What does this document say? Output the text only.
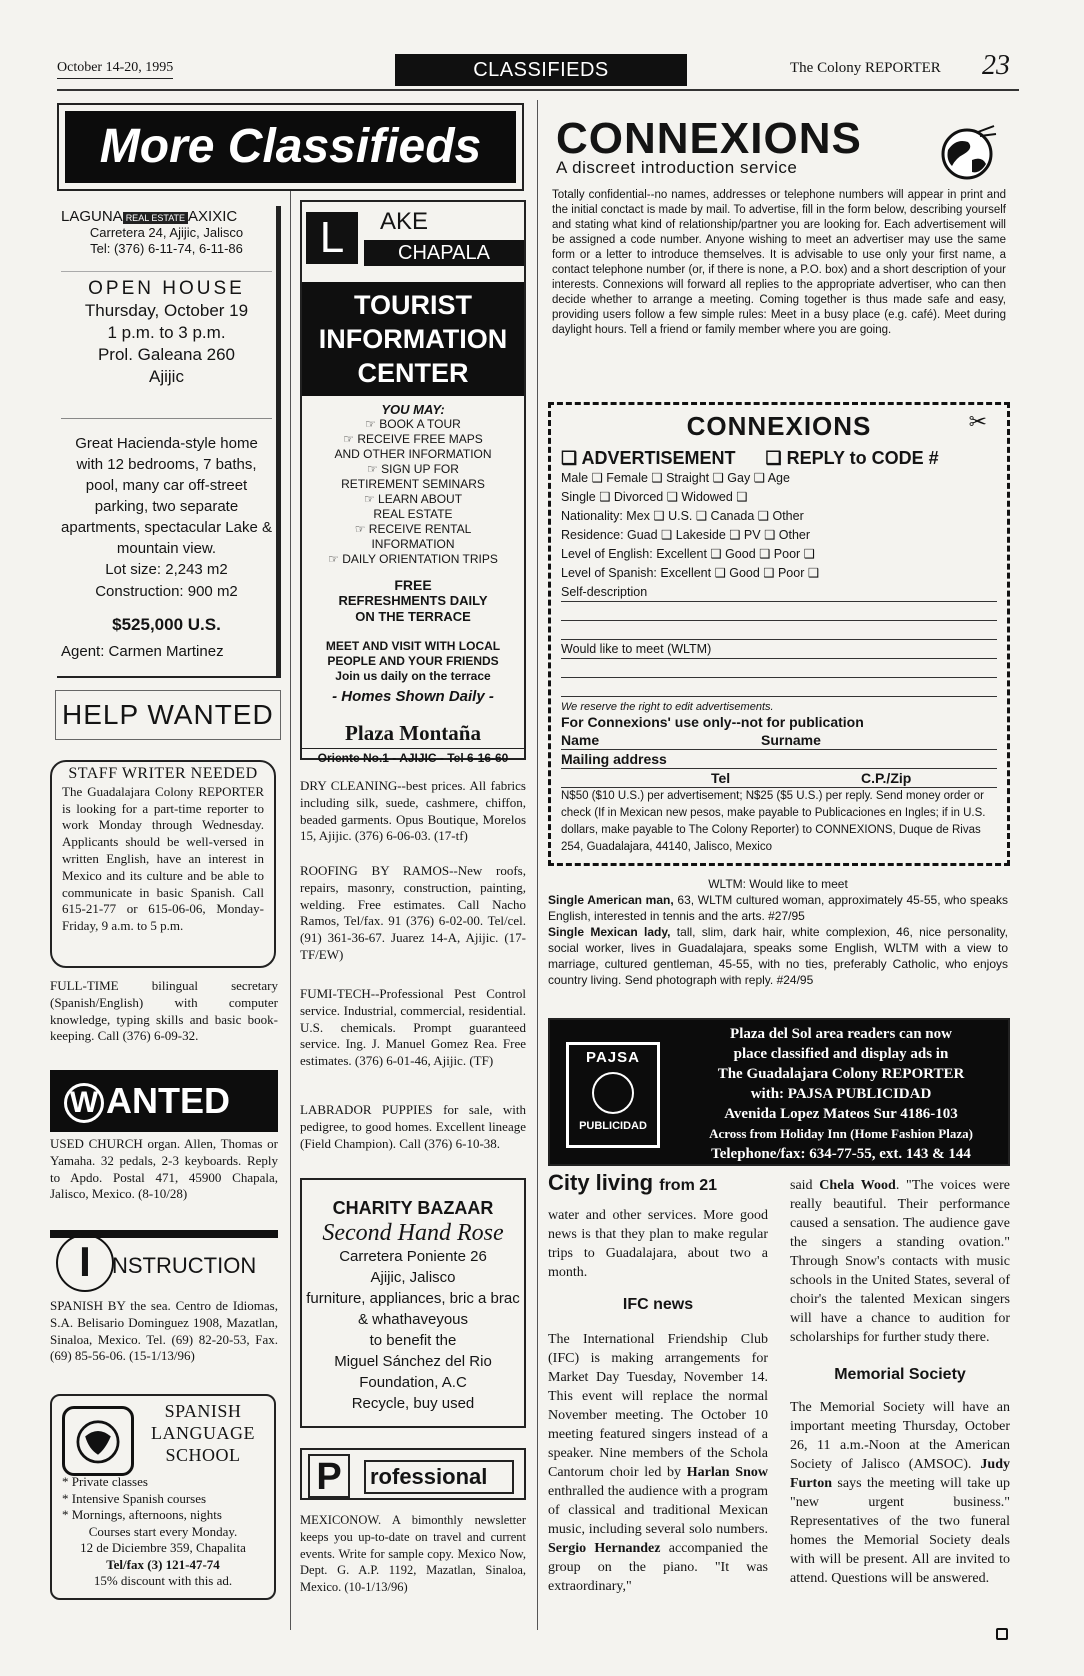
October 14-20, 1995	CLASSIFIEDS	The Colony REPORTER 23
More Classifieds
LAGUNA REAL ESTATE AXIXIC
Carretera 24, Ajijic, Jalisco
Tel: (376) 6-11-74, 6-11-86
OPEN HOUSE
Thursday, October 19
1 p.m. to 3 p.m.
Prol. Galeana 260
Ajijic
Great Hacienda-style home with 12 bedrooms, 7 baths, pool, many car off-street parking, two separate apartments, spectacular Lake & mountain view.
Lot size: 2,243 m2
Construction: 900 m2
$525,000 U.S.
Agent: Carmen Martinez
HELP WANTED
STAFF WRITER NEEDED
The Guadalajara Colony REPORTER is looking for a part-time reporter to work Monday through Wednesday. Applicants should be well-versed in written English, have an interest in Mexico and its culture and be able to communicate in basic Spanish. Call 615-21-77 or 615-06-06, Monday-Friday, 9 a.m. to 5 p.m.
FULL-TIME bilingual secretary (Spanish/English) with computer knowledge, typing skills and basic book-keeping. Call (376) 6-09-32.
W ANTED
USED CHURCH organ. Allen, Thomas or Yamaha. 32 pedals, 2-3 keyboards. Reply to Apdo. Postal 471, 45900 Chapala, Jalisco, Mexico. (8-10/28)
I NSTRUCTION
SPANISH BY the sea. Centro de Idiomas, S.A. Belisario Dominguez 1908, Mazatlan, Sinaloa, Mexico. Tel. (69) 82-20-53, Fax. (69) 85-56-06. (15-1/13/96)
SPANISH
LANGUAGE
SCHOOL
* Private classes
* Intensive Spanish courses
* Mornings, afternoons, nights
Courses start every Monday.
12 de Diciembre 359, Chapalita
Tel/fax (3) 121-47-74
15% discount with this ad.
L	AKE
CHAPALA
TOURIST
INFORMATION
CENTER
YOU MAY:
☞ BOOK A TOUR
☞ RECEIVE FREE MAPS
AND OTHER INFORMATION
☞ SIGN UP FOR
RETIREMENT SEMINARS
☞ LEARN ABOUT
REAL ESTATE
☞ RECEIVE RENTAL
INFORMATION
☞ DAILY ORIENTATION TRIPS
FREE
REFRESHMENTS DAILY
ON THE TERRACE
MEET AND VISIT WITH LOCAL
PEOPLE AND YOUR FRIENDS
Join us daily on the terrace
- Homes Shown Daily -
Plaza Montaña
Oriente No.1 - AJIJIC - Tel 6-16-60
DRY CLEANING--best prices. All fabrics including silk, suede, cashmere, chiffon, beaded garments. Opus Boutique, Morelos 15, Ajijic. (376) 6-06-03. (17-tf)
ROOFING BY RAMOS--New roofs, repairs, masonry, construction, painting, welding. Free estimates. Call Nacho Ramos, Tel/fax. 91 (376) 6-02-00. Tel/cel. (91) 361-36-67. Juarez 14-A, Ajijic. (17-TF/EW)
FUMI-TECH--Professional Pest Control service. Industrial, commercial, residential. U.S. chemicals. Prompt guaranteed service. Ing. J. Manuel Gomez Rea. Free estimates. (376) 6-01-46, Ajijic. (TF)
LABRADOR PUPPIES for sale, with pedigree, to good homes. Excellent lineage (Field Champion). Call (376) 6-10-38.
CHARITY BAZAAR
Second Hand Rose
Carretera Poniente 26
Ajijic, Jalisco
furniture, appliances, bric a brac & whathaveyous
to benefit the
Miguel Sánchez del Rio
Foundation, A.C
Recycle, buy used
P	rofessional
MEXICONOW. A bimonthly newsletter keeps you up-to-date on travel and current events. Write for sample copy. Mexico Now, Dept. G. A.P. 1192, Mazatlan, Sinaloa, Mexico. (10-1/13/96)
CONNEXIONS
A discreet introduction service
Totally confidential--no names, addresses or telephone numbers will appear in print and the initial conctact is made by mail. To advertise, fill in the form below, describing yourself and stating what kind of relationship/partner you are looking for. Each advertisement will be assigned a code number. Anyone wishing to meet an advertiser may use the same form or a letter to introduce themselves. It is advisable to use only your first name, a contact telephone number (or, if there is none, a P.O. box) and a short description of your interests. Connexions will forward all replies to the appropriate advertiser, who can then decide whether to arrange a meeting. Coming together is thus made safe and easy, providing users follow a few simple rules: Meet in a busy place (e.g. café). Meet during daylight hours. Tell a friend or family member where you are going.
✂
CONNEXIONS
❑ ADVERTISEMENT ❑ REPLY to CODE #
Male ❑ Female ❑ Straight ❑ Gay ❑ Age
Single ❑ Divorced ❑ Widowed ❑
Nationality: Mex ❑ U.S. ❑ Canada ❑ Other
Residence: Guad ❑ Lakeside ❑ PV ❑ Other
Level of English: Excellent ❑ Good ❑ Poor ❑
Level of Spanish: Excellent ❑ Good ❑ Poor ❑
Self-description
Would like to meet (WLTM)
We reserve the right to edit advertisements.
For Connexions' use only--not for publication
Name	Surname
Mailing address
Tel	C.P./Zip
N$50 ($10 U.S.) per advertisement; N$25 ($5 U.S.) per reply. Send money order or check (If in Mexican new pesos, make payable to Publicaciones en Ingles; if in U.S. dollars, make payable to The Colony Reporter) to CONNEXIONS, Duque de Rivas 254, Guadalajara, 44140, Jalisco, Mexico
WLTM: Would like to meet
Single American man, 63, WLTM cultured woman, approximately 45-55, who speaks English, interested in tennis and the arts. #27/95
Single Mexican lady, tall, slim, dark hair, white complexion, 46, nice personality, social worker, lives in Guadalajara, speaks some English, WLTM with a view to marriage, cultured gentleman, 45-55, with no ties, preferably Catholic, who enjoys country living. Send photograph with reply. #24/95
PAJSA
PUBLICIDAD
Plaza del Sol area readers can now
place classified and display ads in
The Guadalajara Colony REPORTER
with: PAJSA PUBLICIDAD
Avenida Lopez Mateos Sur 4186-103
Across from Holiday Inn (Home Fashion Plaza)
Telephone/fax: 634-77-55, ext. 143 & 144
City living from 21
water and other services. More good news is that they plan to make regular trips to Guadalajara, about two a month.
IFC news
The International Friendship Club (IFC) is making arrangements for Market Day Tuesday, November 14. This event will replace the normal November meeting. The October 10 meeting featured singers instead of a speaker. Nine members of the Schola Cantorum choir led by Harlan Snow enthralled the audience with a program of classical and traditional Mexican music, including several solo numbers. Sergio Hernandez accompanied the group on the piano. "It was extraordinary,"
said Chela Wood. "The voices were really beautiful. Their performance caused a sensation. The audience gave the singers a standing ovation." Through Snow's contacts with music schools in the United States, several of choir's the talented Mexican singers will have a chance to audition for scholarships for further study there.
Memorial Society
The Memorial Society will have an important meeting Thursday, October 26, 11 a.m.-Noon at the American Society of Jalisco (AMSOC). Judy Furton says the meeting will take up "new urgent business." Representatives of the two funeral homes the Memorial Society deals with will be present. All are invited to attend. Questions will be answered.
